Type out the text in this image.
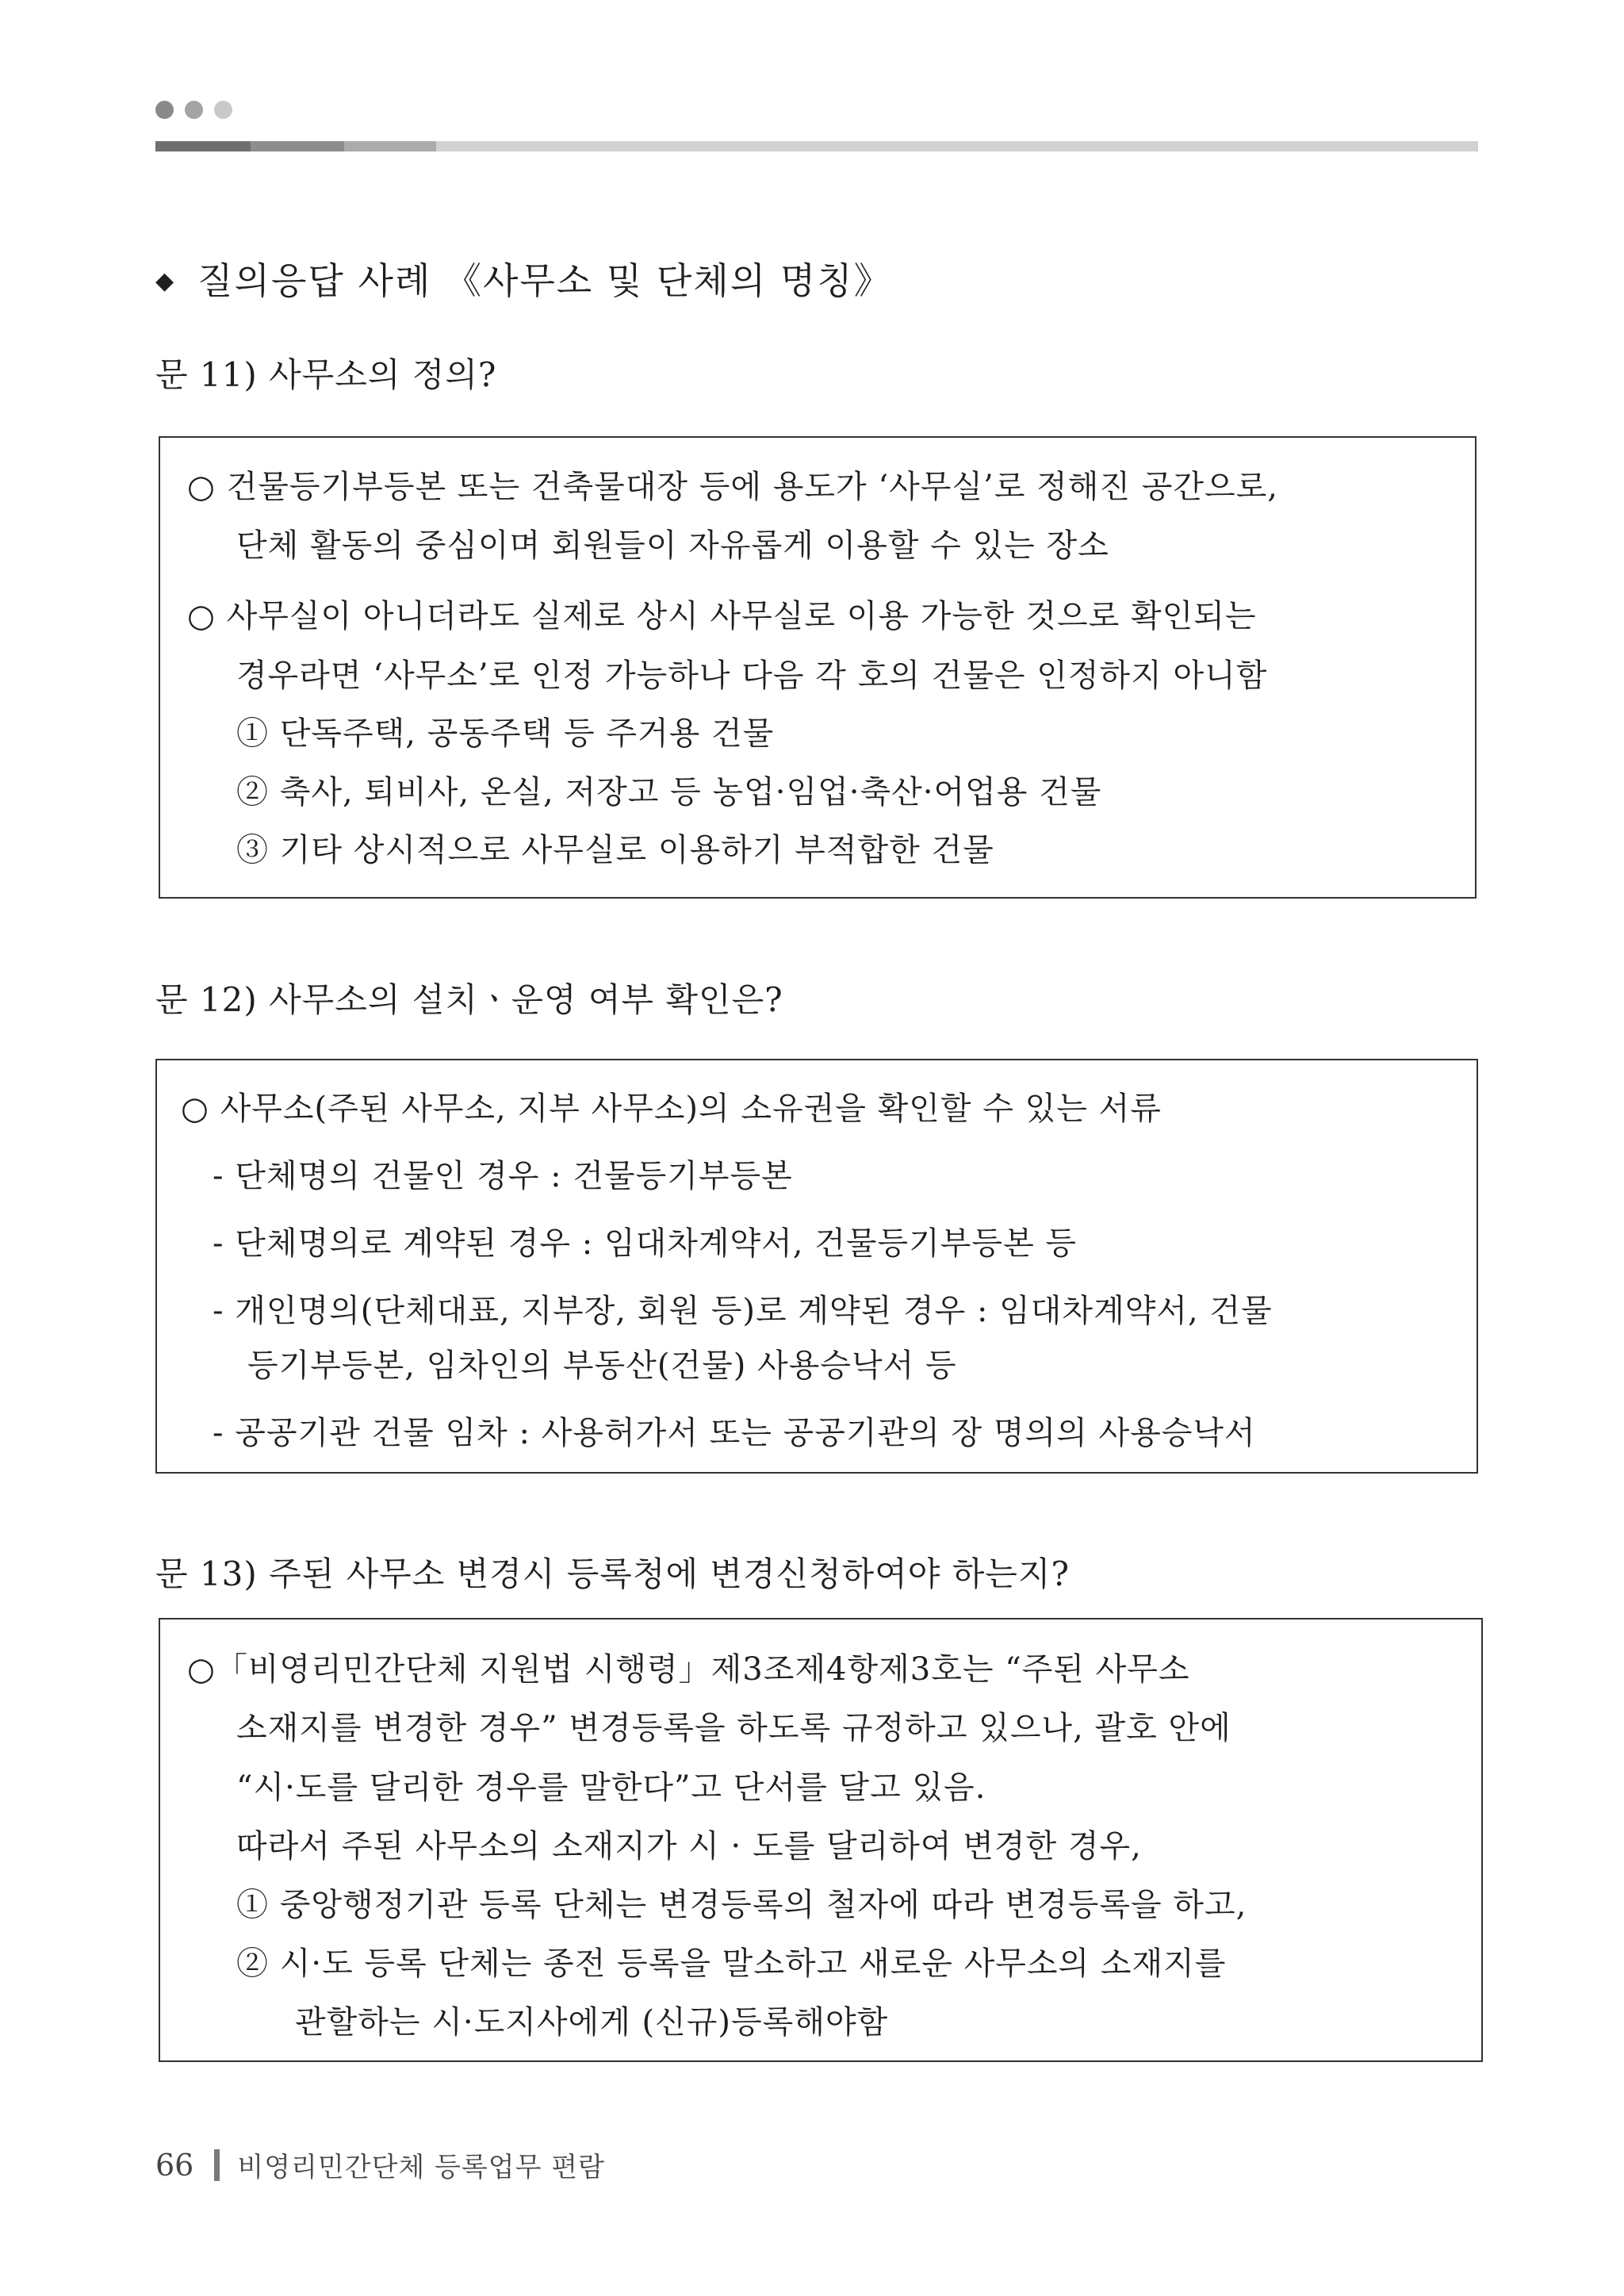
◆ 질의응답 사례 《사무소 및 단체의 명칭》
문 11) 사무소의 정의?
○ 건물등기부등본 또는 건축물대장 등에 용도가 ‘사무실’로 정해진 공간으로,
단체 활동의 중심이며 회원들이 자유롭게 이용할 수 있는 장소
○ 사무실이 아니더라도 실제로 상시 사무실로 이용 가능한 것으로 확인되는
경우라면 ‘사무소’로 인정 가능하나 다음 각 호의 건물은 인정하지 아니함
① 단독주택, 공동주택 등 주거용 건물
② 축사, 퇴비사, 온실, 저장고 등 농업·임업·축산·어업용 건물
③ 기타 상시적으로 사무실로 이용하기 부적합한 건물
문 12) 사무소의 설치ㆍ운영 여부 확인은?
○ 사무소(주된 사무소, 지부 사무소)의 소유권을 확인할 수 있는 서류
- 단체명의 건물인 경우 : 건물등기부등본
- 단체명의로 계약된 경우 : 임대차계약서, 건물등기부등본 등
- 개인명의(단체대표, 지부장, 회원 등)로 계약된 경우 : 임대차계약서, 건물
등기부등본, 임차인의 부동산(건물) 사용승낙서 등
- 공공기관 건물 임차 : 사용허가서 또는 공공기관의 장 명의의 사용승낙서
문 13) 주된 사무소 변경시 등록청에 변경신청하여야 하는지?
○「비영리민간단체 지원법 시행령」제3조제4항제3호는 “주된 사무소
소재지를 변경한 경우” 변경등록을 하도록 규정하고 있으나, 괄호 안에
“시·도를 달리한 경우를 말한다”고 단서를 달고 있음.
따라서 주된 사무소의 소재지가 시 · 도를 달리하여 변경한 경우,
① 중앙행정기관 등록 단체는 변경등록의 철자에 따라 변경등록을 하고,
② 시·도 등록 단체는 종전 등록을 말소하고 새로운 사무소의 소재지를
관할하는 시·도지사에게 (신규)등록해야함
66 비영리민간단체 등록업무 편람
